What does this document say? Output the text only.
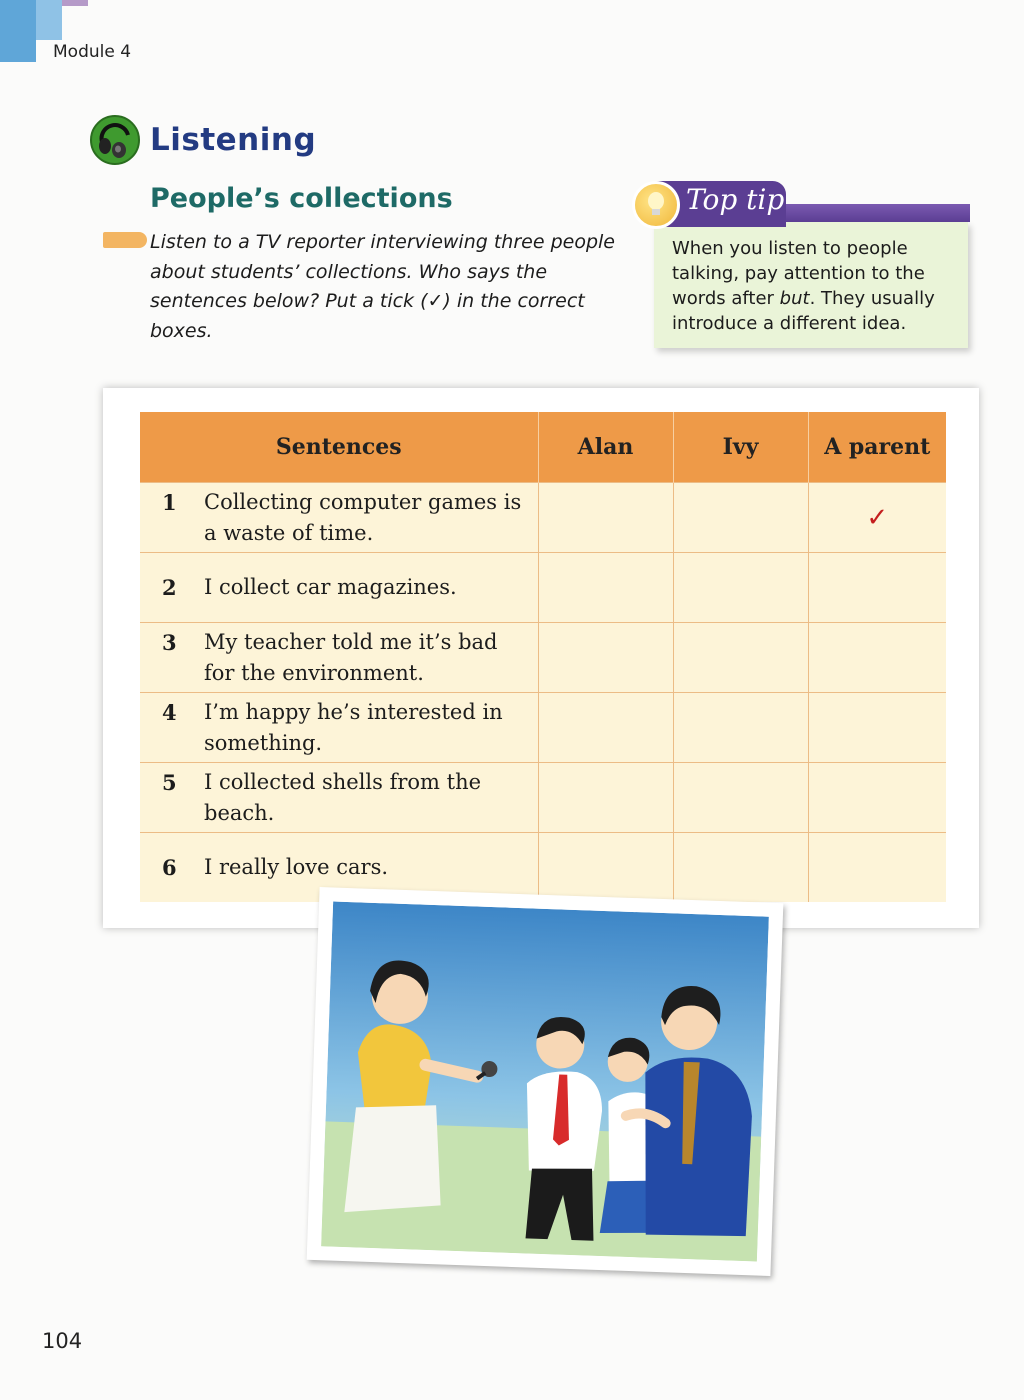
Module 4
Listening
People’s collections
Listen to a TV reporter interviewing three people about students’ collections. Who says the sentences below? Put a tick (✓) in the correct boxes.
Top tip
When you listen to people talking, pay attention to the words after but. They usually introduce a different idea.
Sentences	Alan	Ivy	A parent

1 Collecting computer games is a waste of time.			✓

2 I collect car magazines.			

3 My teacher told me it’s bad for the environment.			

4 I’m happy he’s interested in something.			

5 I collected shells from the beach.			

6 I really love cars.			

104
